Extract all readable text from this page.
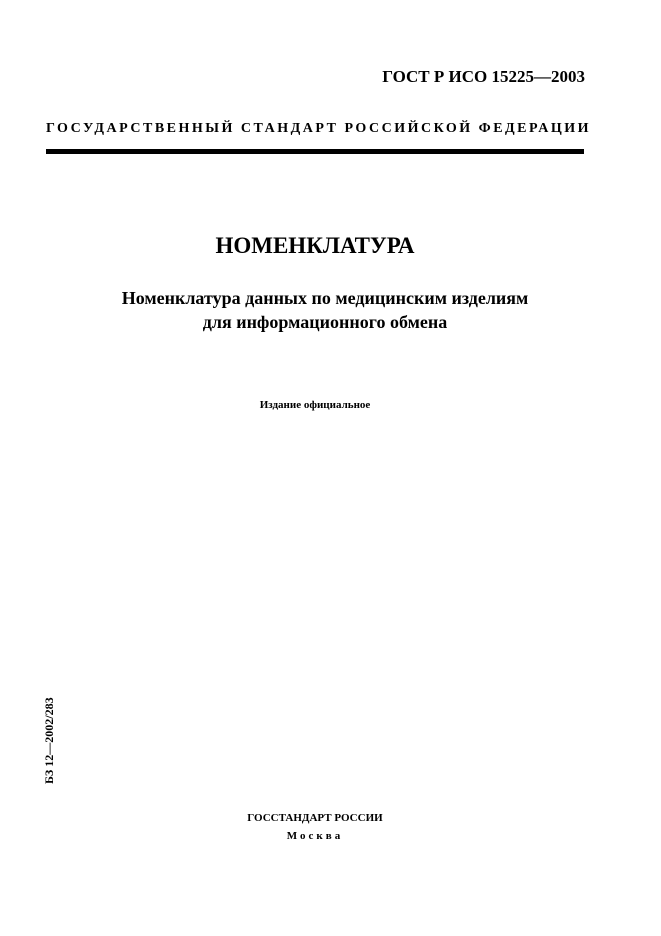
ГОСТ Р ИСО 15225—2003
ГОСУДАРСТВЕННЫЙ СТАНДАРТ РОССИЙСКОЙ ФЕДЕРАЦИИ
НОМЕНКЛАТУРА
Номенклатура данных по медицинским изделиям
для информационного обмена
Издание официальное
БЗ 12—2002/283
ГОССТАНДАРТ РОССИИ
Москва
